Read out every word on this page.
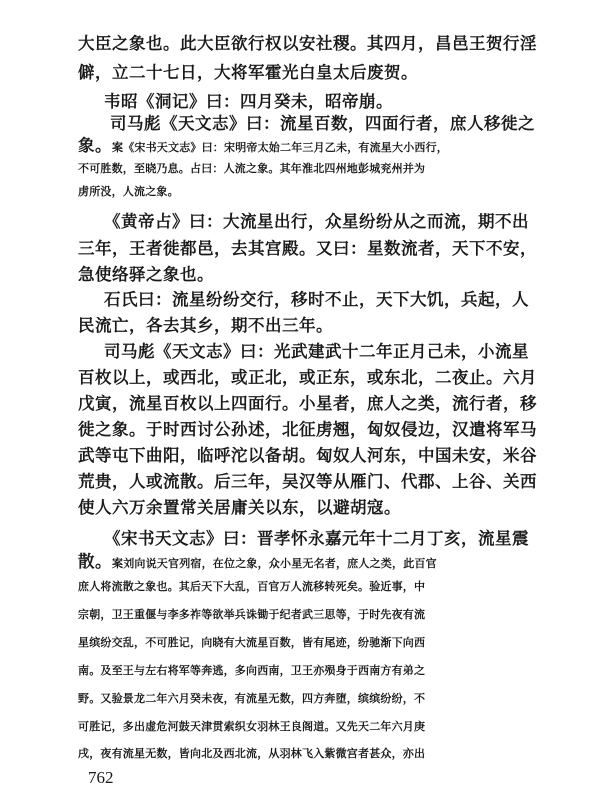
大臣之象也。此大臣欲行权以安社稷。其四月，昌邑王贺行淫
僻，立二十七日，大将军霍光白皇太后废贺。
韦昭《洞记》曰：四月癸未，昭帝崩。
司马彪《天文志》曰：流星百数，四面行者，庶人移徙之
象。案《宋书天文志》曰：宋明帝太始二年三月乙未，有流星大小西行，
不可胜数，至晓乃息。占曰：人流之象。其年淮北四州地彭城兖州并为
虏所没，人流之象。
《黄帝占》曰：大流星出行，众星纷纷从之而流，期不出
三年，王者徙都邑，去其宫殿。又曰：星数流者，天下不安，
急使络驿之象也。
石氏曰：流星纷纷交行，移时不止，天下大饥，兵起，人
民流亡，各去其乡，期不出三年。
司马彪《天文志》曰：光武建武十二年正月己未，小流星
百枚以上，或西北，或正北，或正东，或东北，二夜止。六月
戊寅，流星百枚以上四面行。小星者，庶人之类，流行者，移
徙之象。于时西讨公孙述，北征虏翘，匈奴侵边，汉遣将军马
武等屯下曲阳，临呼沱以备胡。匈奴人河东，中国未安，米谷
荒贵，人或流散。后三年，吴汉等从雁门、代郡、上谷、关西
使人六万余置常关居庸关以东，以避胡寇。
《宋书天文志》曰：晋孝怀永嘉元年十二月丁亥，流星震
散。案刘向说天官列宿，在位之象，众小星无名者，庶人之类，此百官
庶人将流散之象也。其后天下大乱，百官万人流移转死矣。验近事，中
宗朝，卫王重偃与李多祚等欲举兵诛锄于纪者武三思等，于时先夜有流
星缤纷交乱，不可胜记，向晓有大流星百数，皆有尾迹，纷驰渐下向西
南。及至王与左右将军等奔逃，多向西南，卫王亦殒身于西南方有弟之
野。又验景龙二年六月癸未夜，有流星无数，四方奔堕，缤缤纷纷，不
可胜记，多出虚危河鼓天津贯索织女羽林王良阁道。又先天二年六月庚
戌，夜有流星无数，皆向北及西北流，从羽林飞入紫微宫者甚众，亦出
762
